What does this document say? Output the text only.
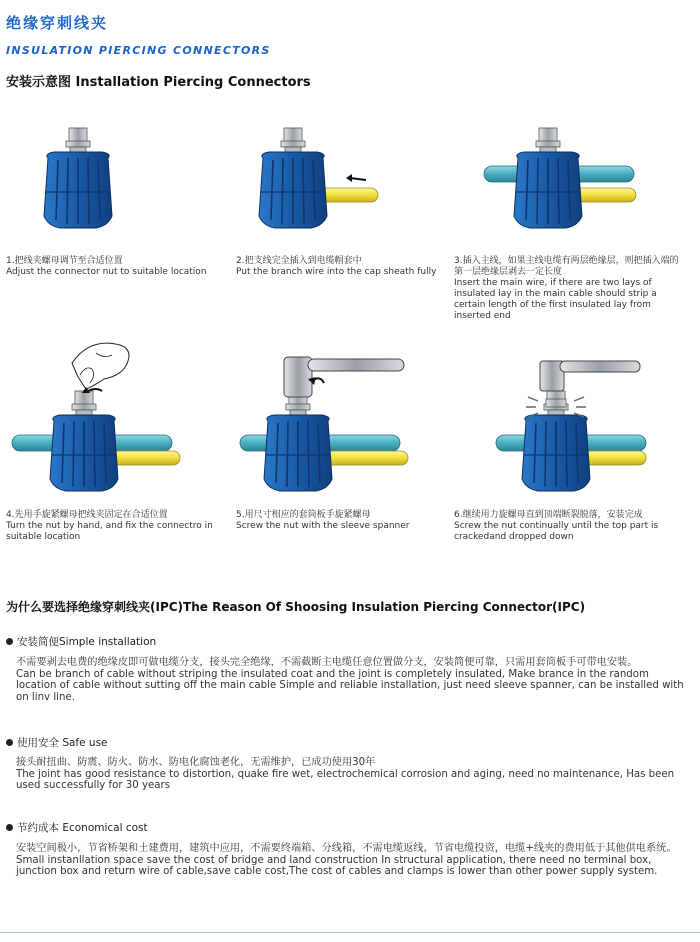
绝缘穿刺线夹
INSULATION PIERCING CONNECTORS
安装示意图 Installation Piercing Connectors
1.把线夹螺母调节至合适位置
Adjust the connector nut to suitable location
2.把支线完全插入到电缆帽套中
Put the branch wire into the cap sheath fully
3.插入主线，如果主线电缆有两层绝缘层，则把插入端的第一层绝缘层剥去一定长度
Insert the main wire, if there are two lays of insulated lay in the main cable should strip a certain length of the first insulated lay from inserted end
4.先用手旋紧螺母把线夹固定在合适位置
Turn the nut by hand, and fix the connectro in suitable location
5.用尺寸相应的套筒板手旋紧螺母
Screw the nut with the sleeve spanner
6.继续用力旋螺母直到顶端断裂脱落，安装完成
Screw the nut continually until the top part is crackedand dropped down
为什么要选择绝缘穿刺线夹(IPC)The Reason Of Shoosing Insulation Piercing Connector(IPC)
安装简便Simple installation
不需要剥去电费的绝缘皮即可做电缆分支，接头完全绝缘，不需截断主电缆任意位置做分支，安装简便可靠，只需用套筒板手可带电安装。
Can be branch of cable without striping the insulated coat and the joint is completely insulated, Make brance in the random location of cable without sutting off the main cable Simple and reliable installation, just need sleeve spanner, can be installed with on linv line.
使用安全 Safe use
接头耐扭曲、防震、防火、防水、防电化腐蚀老化，无需维护，已成功使用30年
The joint has good resistance to distortion, quake fire wet, electrochemical corrosion and aging, need no maintenance, Has been used successfully for 30 years
节约成本 Economical cost
安装空间极小，节省桥架和土建费用，建筑中应用，不需要终端箱、分线箱，不需电缆返线，节省电缆投资，电缆+线夹的费用低于其他供电系统。
Small instanllation space save the cost of bridge and land construction In structural application, there need no terminal box, junction box and return wire of cable,save cable cost,The cost of cables and clamps is lower than other power supply system.
